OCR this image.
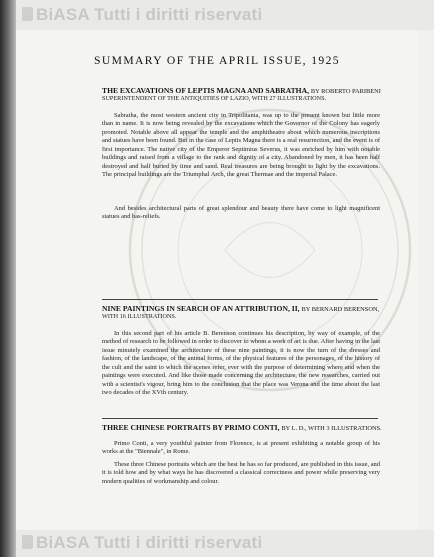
BiASA Tutti i diritti riservati
SUMMARY OF THE APRIL ISSUE, 1925
THE EXCAVATIONS OF LEPTIS MAGNA AND SABRATHA, BY ROBERTO PARIBENI
SUPERINTENDENT OF THE ANTIQUITIES OF LAZIO, WITH 27 ILLUSTRATIONS.

Sabratha, the most western ancient city in Tripolitania, was up to the present known but little more than in name. It is now being revealed by the excavations which the Governor of the Colony has eagerly promoted. Notable above all appear the temple and the amphitheatre about which numerous inscriptions and statues have been found. But in the case of Leptis Magna there is a real resurrection, and the event is of first importance. The native city of the Emperor Septimius Severus, it was enriched by him with notable buildings and raised from a village to the rank and dignity of a city. Abandoned by men, it has been half destroyed and half buried by time and sand. Real treasures are being brought to light by the excavations. The principal buildings are the Triumphal Arch, the great Thermae and the imperial Palace.

And besides architectural parts of great splendour and beauty there have come to light magnificent statues and bas-reliefs.

NINE PAINTINGS IN SEARCH OF AN ATTRIBUTION, II, BY BERNARD BERENSON,
WITH 16 ILLUSTRATIONS.

In this second part of his article B. Berenson continues his description, by way of example, of the method of research to be followed in order to discover to whom a work of art is due. After having in the last issue minutely examined the architecture of these nine paintings, it is now the turn of the dresses and fashion, of the landscape, of the animal forms, of the physical features of the personages, of the history of the cult and the saint to which the scenes refer, ever with the purpose of determining where and when the paintings were executed. And like those made concerning the architecture, the new researches, carried out with a scientist's vigour, bring him to the conclusion that the place was Verona and the time about the last two decades of the XVth century.

THREE CHINESE PORTRAITS BY PRIMO CONTI, BY L. D., WITH 3 ILLUSTRATIONS.

Primo Conti, a very youthful painter from Florence, is at present exhibiting a notable group of his works at the "Biennale", in Rome.

These three Chinese portraits which are the best he has so far produced, are published in this issue, and it is told how and by what ways he has discovered a classical correctness and power while preserving very modern qualities of workmanship and colour.

BiASA Tutti i diritti riservati
